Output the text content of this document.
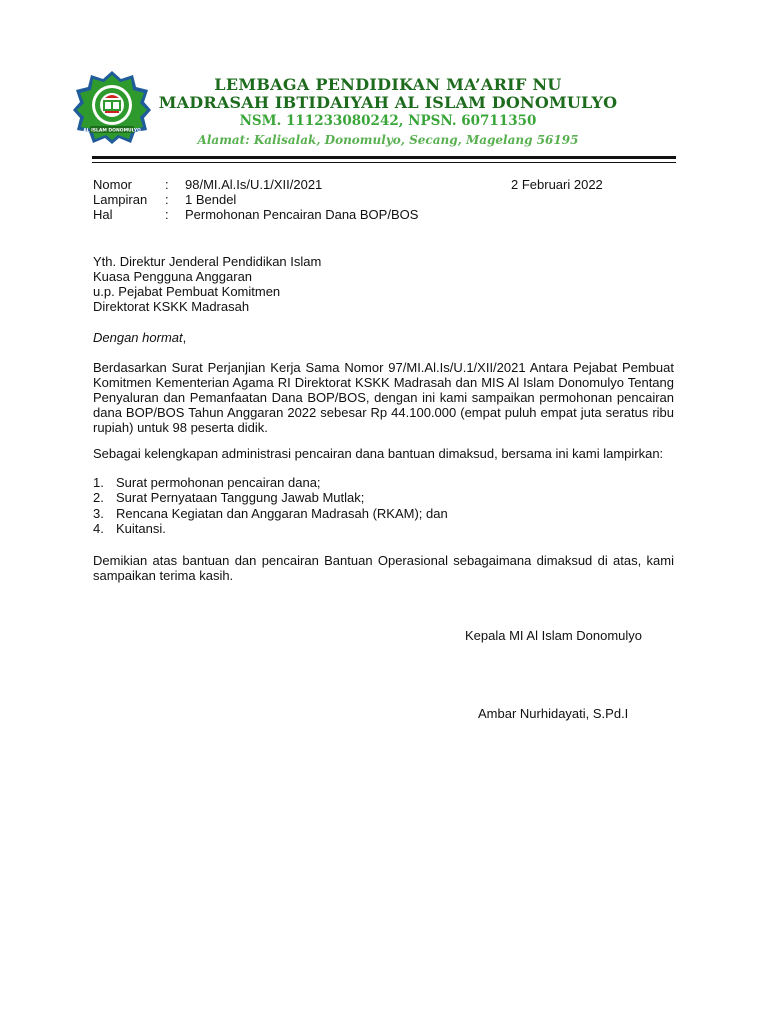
AL ISLAM DONOMULYO
LEMBAGA PENDIDIKAN MA’ARIF NU
MADRASAH IBTIDAIYAH AL ISLAM DONOMULYO
NSM. 111233080242, NPSN. 60711350
Alamat: Kalisalak, Donomulyo, Secang, Magelang 56195
Nomor	: 98/MI.Al.Is/U.1/XII/2021	2 Februari 2022
Lampiran : 1 Bendel
Hal	: Permohonan Pencairan Dana BOP/BOS
Yth. Direktur Jenderal Pendidikan Islam
Kuasa Pengguna Anggaran
u.p. Pejabat Pembuat Komitmen
Direktorat KSKK Madrasah
Dengan hormat,
Berdasarkan Surat Perjanjian Kerja Sama Nomor 97/MI.Al.Is/U.1/XII/2021 Antara Pejabat Pembuat Komitmen Kementerian Agama RI Direktorat KSKK Madrasah dan MIS Al Islam Donomulyo Tentang Penyaluran dan Pemanfaatan Dana BOP/BOS, dengan ini kami sampaikan permohonan pencairan dana BOP/BOS Tahun Anggaran 2022 sebesar Rp 44.100.000 (empat puluh empat juta seratus ribu rupiah) untuk 98 peserta didik.
Sebagai kelengkapan administrasi pencairan dana bantuan dimaksud, bersama ini kami lampirkan:
1. Surat permohonan pencairan dana;
2. Surat Pernyataan Tanggung Jawab Mutlak;
3. Rencana Kegiatan dan Anggaran Madrasah (RKAM); dan
4. Kuitansi.
Demikian atas bantuan dan pencairan Bantuan Operasional sebagaimana dimaksud di atas, kami sampaikan terima kasih.
Kepala MI Al Islam Donomulyo
Ambar Nurhidayati, S.Pd.I
